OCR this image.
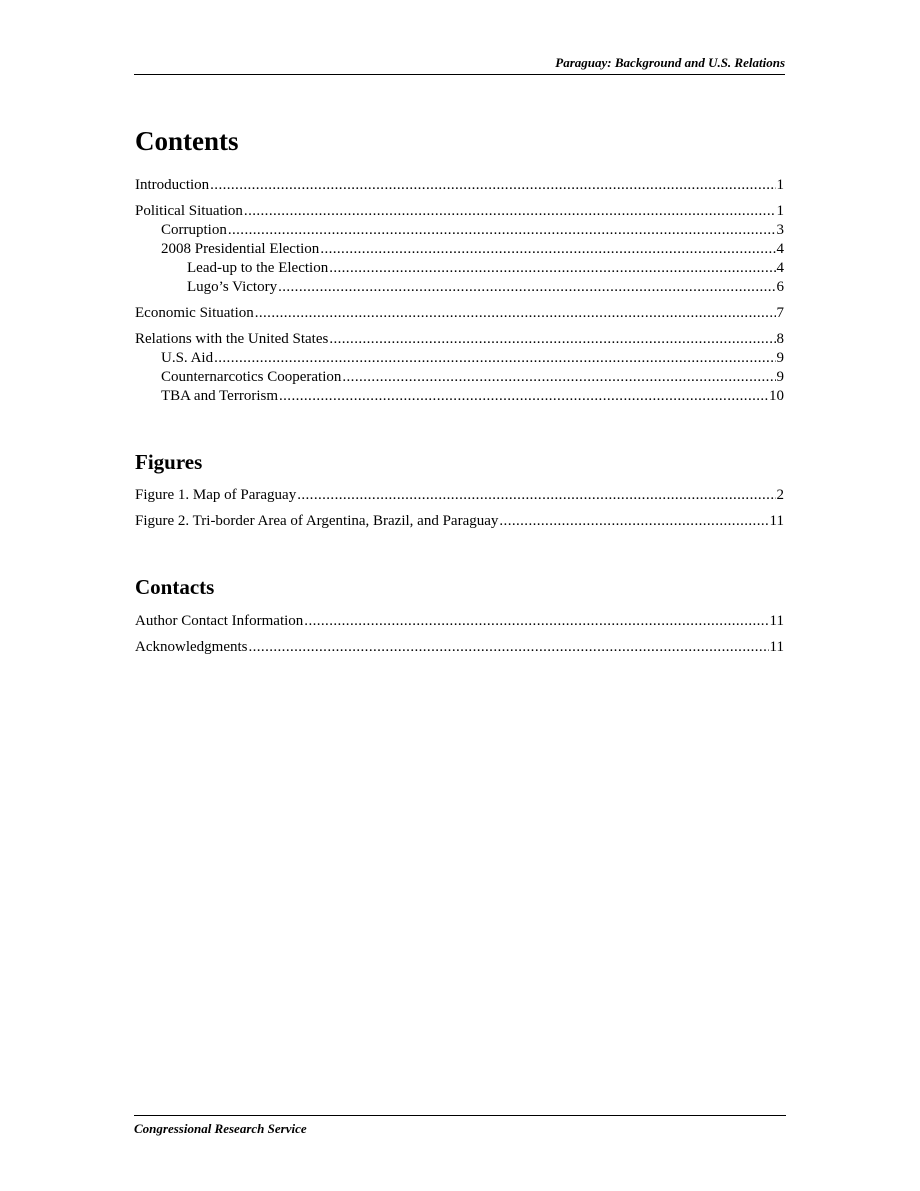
Paraguay: Background and U.S. Relations
Contents
Introduction .....	1
Political Situation .....	1
Corruption .....	3
2008 Presidential Election .....	4
Lead-up to the Election .....	4
Lugo’s Victory .....	6
Economic Situation .....	7
Relations with the United States .....	8
U.S. Aid .....	9
Counternarcotics Cooperation .....	9
TBA and Terrorism .....	10
Figures
Figure 1. Map of Paraguay .....	2
Figure 2. Tri-border Area of Argentina, Brazil, and Paraguay .....	11
Contacts
Author Contact Information .....	11
Acknowledgments .....	11
Congressional Research Service
